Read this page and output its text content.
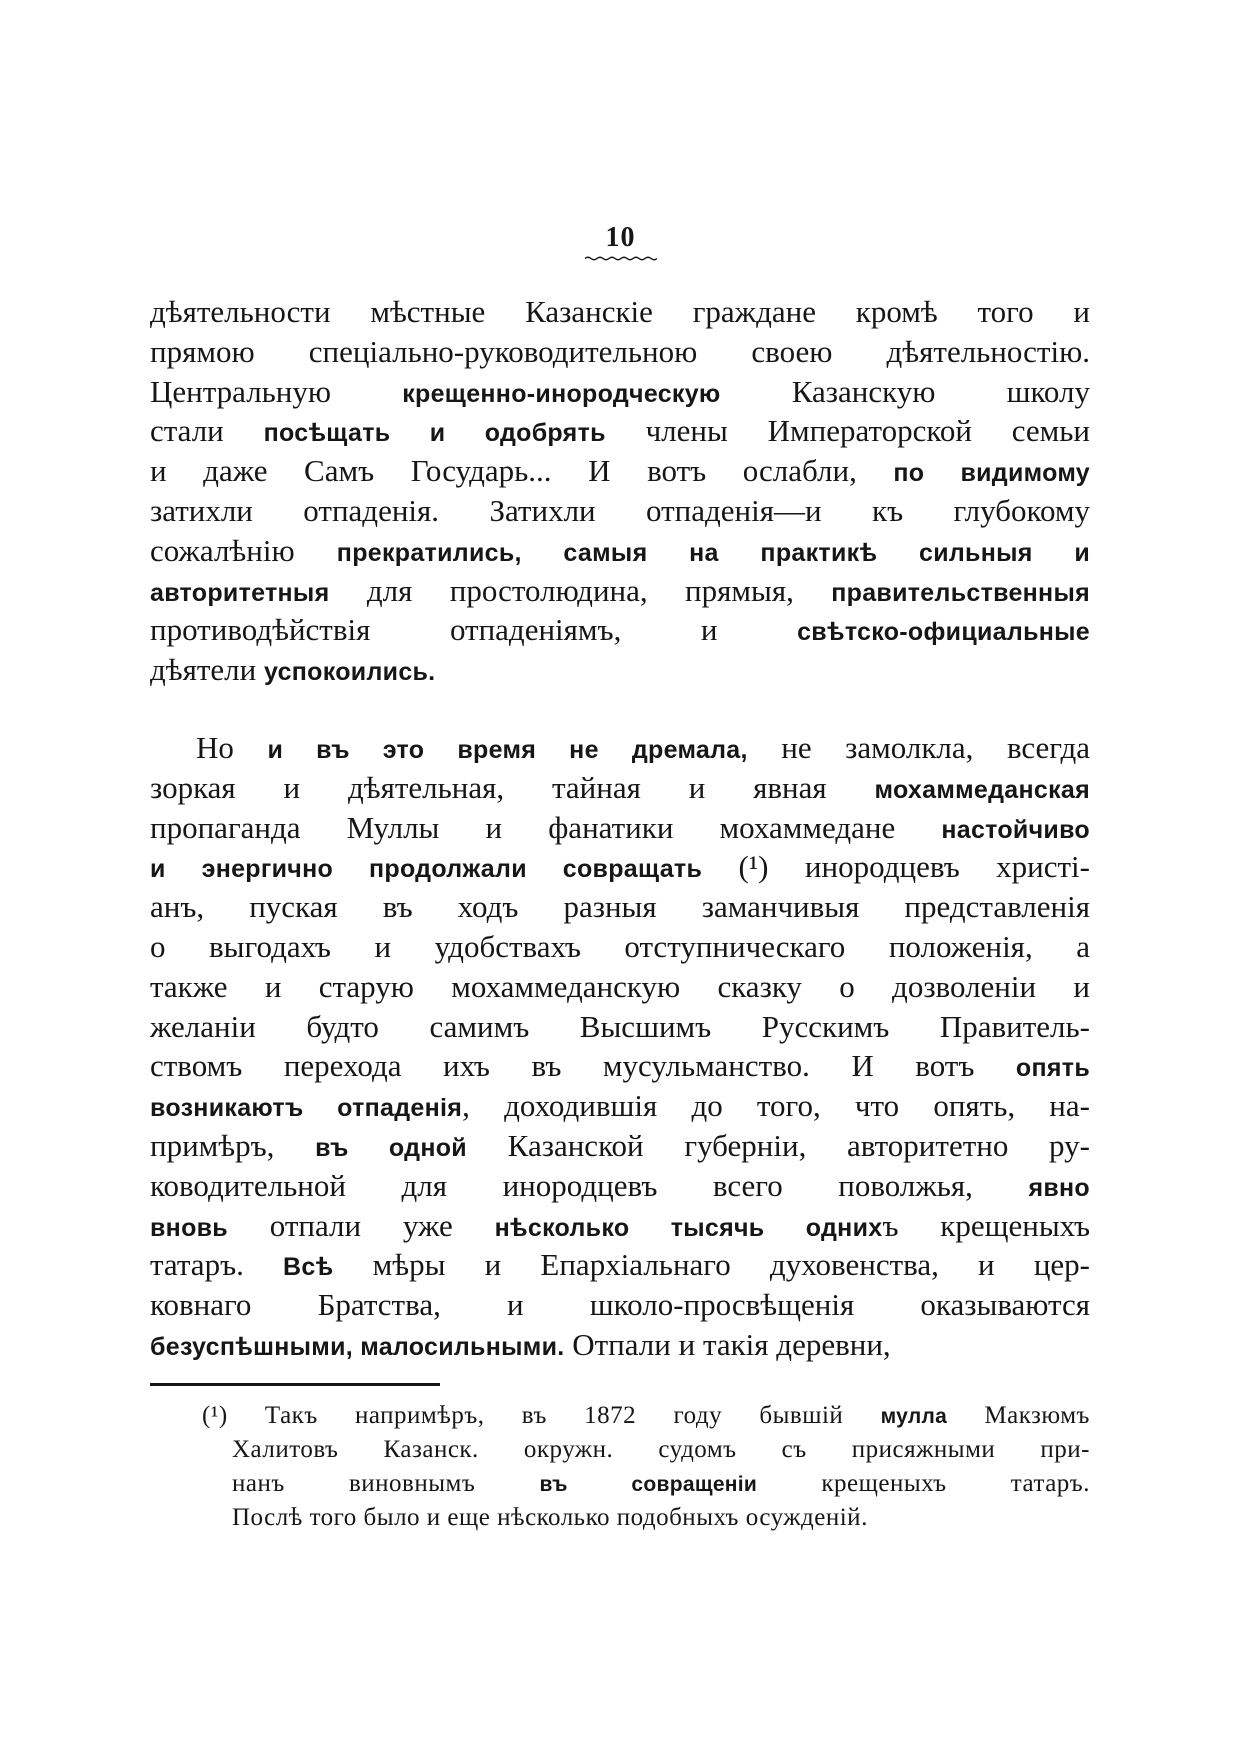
10
дѣятельности мѣстные Казанскіе граждане кромѣ того и
прямою спеціально-руководительною своею дѣятельностію.
Центральную крещенно-инородческую Казанскую школу
стали посѣщать и одобрять члены Императорской семьи
и даже Самъ Государь... И вотъ ослабли, по видимому
затихли отпаденія. Затихли отпаденія—и къ глубокому
сожалѣнію прекратились, самыя на практикѣ сильныя и
авторитетныя для простолюдина, прямыя, правительственныя
противодѣйствія отпаденіямъ, и свѣтско-официальные
дѣятели успокоились.
Но и въ это время не дремала, не замолкла, всегда
зоркая и дѣятельная, тайная и явная мохаммеданская
пропаганда Муллы и фанатики мохаммедане настойчиво
и энергично продолжали совращать (¹) инородцевъ христі-
анъ, пуская въ ходъ разныя заманчивыя представленія
о выгодахъ и удобствахъ отступническаго положенія, а
также и старую мохаммеданскую сказку о дозволеніи и
желаніи будто самимъ Высшимъ Русскимъ Правитель-
ствомъ перехода ихъ въ мусульманство. И вотъ опять
возникаютъ отпаденія, доходившія до того, что опять, на-
примѣръ, въ одной Казанской губерніи, авторитетно ру-
ководительной для инородцевъ всего поволжья, явно
вновь отпали уже нѣсколько тысячь однихъ крещеныхъ
татаръ. Всѣ мѣры и Епархіальнаго духовенства, и цер-
ковнаго Братства, и школо-просвѣщенія оказываются
безуспѣшными, малосильными. Отпали и такія деревни,
(¹) Такъ напримѣръ, въ 1872 году бывшій мулла Макзюмъ
Халитовъ Казанск. окружн. судомъ съ присяжными при-
нанъ виновнымъ въ совращеніи крещеныхъ татаръ.
Послѣ того было и еще нѣсколько подобныхъ осужденій.
